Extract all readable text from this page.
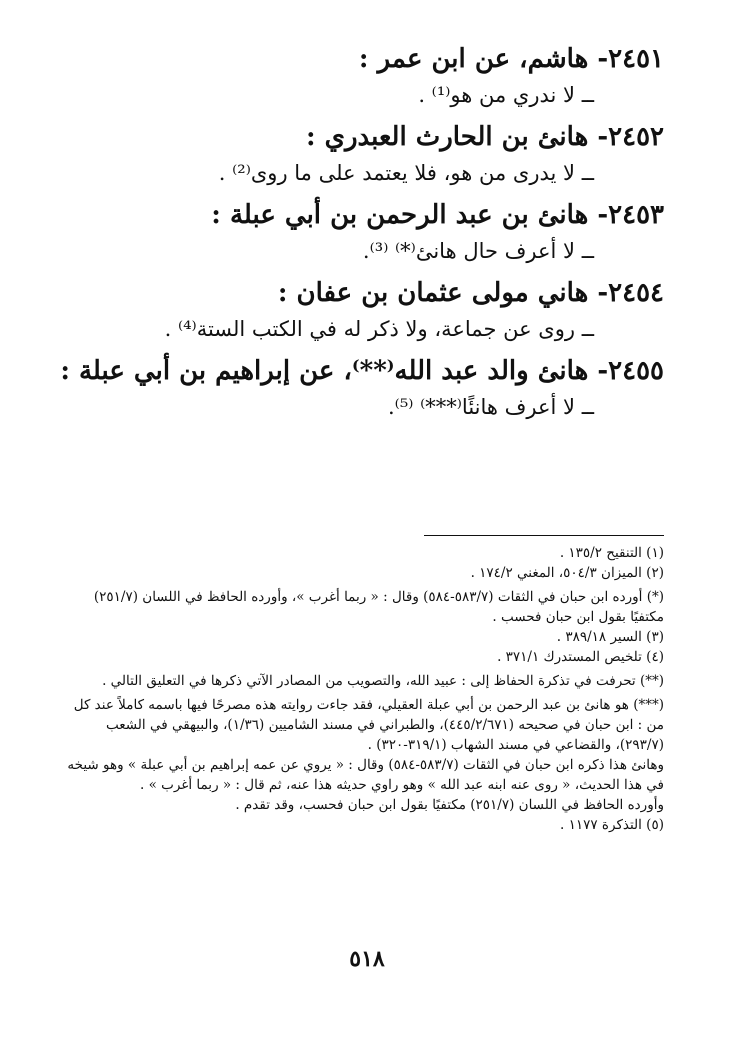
٢٤٥١- هاشم، عن ابن عمر :
ــ لا ندري من هو⁽¹⁾ .
٢٤٥٢- هانئ بن الحارث العبدري :
ــ لا يدرى من هو، فلا يعتمد على ما روى⁽²⁾ .
٢٤٥٣- هانئ بن عبد الرحمن بن أبي عبلة :
ــ لا أعرف حال هانئ⁽*⁾ ⁽³⁾.
٢٤٥٤- هاني مولى عثمان بن عفان :
ــ روى عن جماعة، ولا ذكر له في الكتب الستة⁽⁴⁾ .
٢٤٥٥- هانئ والد عبد الله⁽**⁾، عن إبراهيم بن أبي عبلة :
ــ لا أعرف هانئًا⁽***⁾ ⁽⁵⁾.

(١) التنقيح ١٣٥/٢ .

(٢) الميزان ٥٠٤/٣، المغني ١٧٤/٢ .

(*) أورده ابن حبان في الثقات (٥٨٣/٧-٥٨٤) وقال : « ربما أغرب »، وأورده الحافظ في اللسان (٢٥١/٧) مكتفيًا بقول ابن حبان فحسب .

(٣) السير ٣٨٩/١٨ .

(٤) تلخيص المستدرك ٣٧١/١ .

(**) تحرفت في تذكرة الحفاظ إلى : عبيد الله، والتصويب من المصادر الآتي ذكرها في التعليق التالي .

(***) هو هانئ بن عبد الرحمن بن أبي عبلة العقيلي، فقد جاءت روايته هذه مصرحًا فيها باسمه كاملاً عند كل من : ابن حبان في صحيحه (٤٤٥/٢/٦٧١)، والطبراني في مسند الشاميين (١/٣٦)، والبيهقي في الشعب (٢٩٣/٧)، والقضاعي في مسند الشهاب (٣١٩/١-٣٢٠) .

وهانئ هذا ذكره ابن حبان في الثقات (٥٨٣/٧-٥٨٤) وقال : « يروي عن عمه إبراهيم بن أبي عبلة » وهو شيخه في هذا الحديث، « روى عنه ابنه عبد الله » وهو راوي حديثه هذا عنه، ثم قال : « ربما أغرب » .

وأورده الحافظ في اللسان (٢٥١/٧) مكتفيًا بقول ابن حبان فحسب، وقد تقدم .

(٥) التذكرة ١١٧٧ .

٥١٨
